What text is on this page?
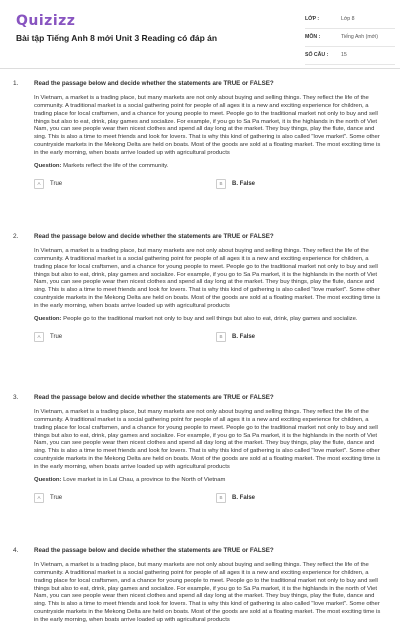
Quizizz
Bài tập Tiếng Anh 8 mới Unit 3 Reading có đáp án
LỚP :	Lớp 8
MÔN :	Tiếng Anh (mới)
SỐ CÂU : 15
1.	Read the passage below and decide whether the statements are TRUE or FALSE?

In Vietnam, a market is a trading place, but many markets are not only about buying and selling things. They reflect the life of the community. A traditional market is a social gathering point for people of all ages it is a new and exciting experience for children, a trading place for local craftsmen, and a chance for young people to meet. People go to the traditional market not only to buy and sell things but also to eat, drink, play games and socialize. For example, if you go to Sa Pa market, it is the highlands in the north of Viet Nam, you can see people wear then nicest clothes and spend all day long at the market. They buy things, play the flute, dance and sing. This is also a time to meet friends and look for lovers. That is why this kind of gathering is also called "love market". Some other countryside markets in the Mekong Delta are held on boats. Most of the goods are sold at a floating market. The most exciting time is in the early morning, when boats arrive loaded up with agricultural products

Question: Markets reflect the life of the community.

A	True	B	B. False
2.	Read the passage below and decide whether the statements are TRUE or FALSE?

In Vietnam, a market is a trading place, but many markets are not only about buying and selling things. They reflect the life of the community. A traditional market is a social gathering point for people of all ages it is a new and exciting experience for children, a trading place for local craftsmen, and a chance for young people to meet. People go to the traditional market not only to buy and sell things but also to eat, drink, play games and socialize. For example, if you go to Sa Pa market, it is the highlands in the north of Viet Nam, you can see people wear then nicest clothes and spend all day long at the market. They buy things, play the flute, dance and sing. This is also a time to meet friends and look for lovers. That is why this kind of gathering is also called "love market". Some other countryside markets in the Mekong Delta are held on boats. Most of the goods are sold at a floating market. The most exciting time is in the early morning, when boats arrive loaded up with agricultural products

Question: People go to the traditional market not only to buy and sell things but also to eat, drink, play games and socialize.

A	True	B	B. False
3.	Read the passage below and decide whether the statements are TRUE or FALSE?

In Vietnam, a market is a trading place, but many markets are not only about buying and selling things. They reflect the life of the community. A traditional market is a social gathering point for people of all ages it is a new and exciting experience for children, a trading place for local craftsmen, and a chance for young people to meet. People go to the traditional market not only to buy and sell things but also to eat, drink, play games and socialize. For example, if you go to Sa Pa market, it is the highlands in the north of Viet Nam, you can see people wear then nicest clothes and spend all day long at the market. They buy things, play the flute, dance and sing. This is also a time to meet friends and look for lovers. That is why this kind of gathering is also called "love market". Some other countryside markets in the Mekong Delta are held on boats. Most of the goods are sold at a floating market. The most exciting time is in the early morning, when boats arrive loaded up with agricultural products

Question: Love market is in Lai Chau, a province to the North of Vietnam

A	True	B	B. False
4.	Read the passage below and decide whether the statements are TRUE or FALSE?

In Vietnam, a market is a trading place, but many markets are not only about buying and selling things. They reflect the life of the community. A traditional market is a social gathering point for people of all ages it is a new and exciting experience for children, a trading place for local craftsmen, and a chance for young people to meet. People go to the traditional market not only to buy and sell things but also to eat, drink, play games and socialize. For example, if you go to Sa Pa market, it is the highlands in the north of Viet Nam, you can see people wear then nicest clothes and spend all day long at the market. They buy things, play the flute, dance and sing. This is also a time to meet friends and look for lovers. That is why this kind of gathering is also called "love market". Some other countryside markets in the Mekong Delta are held on boats. Most of the goods are sold at a floating market. The most exciting time is in the early morning, when boats arrive loaded up with agricultural products
